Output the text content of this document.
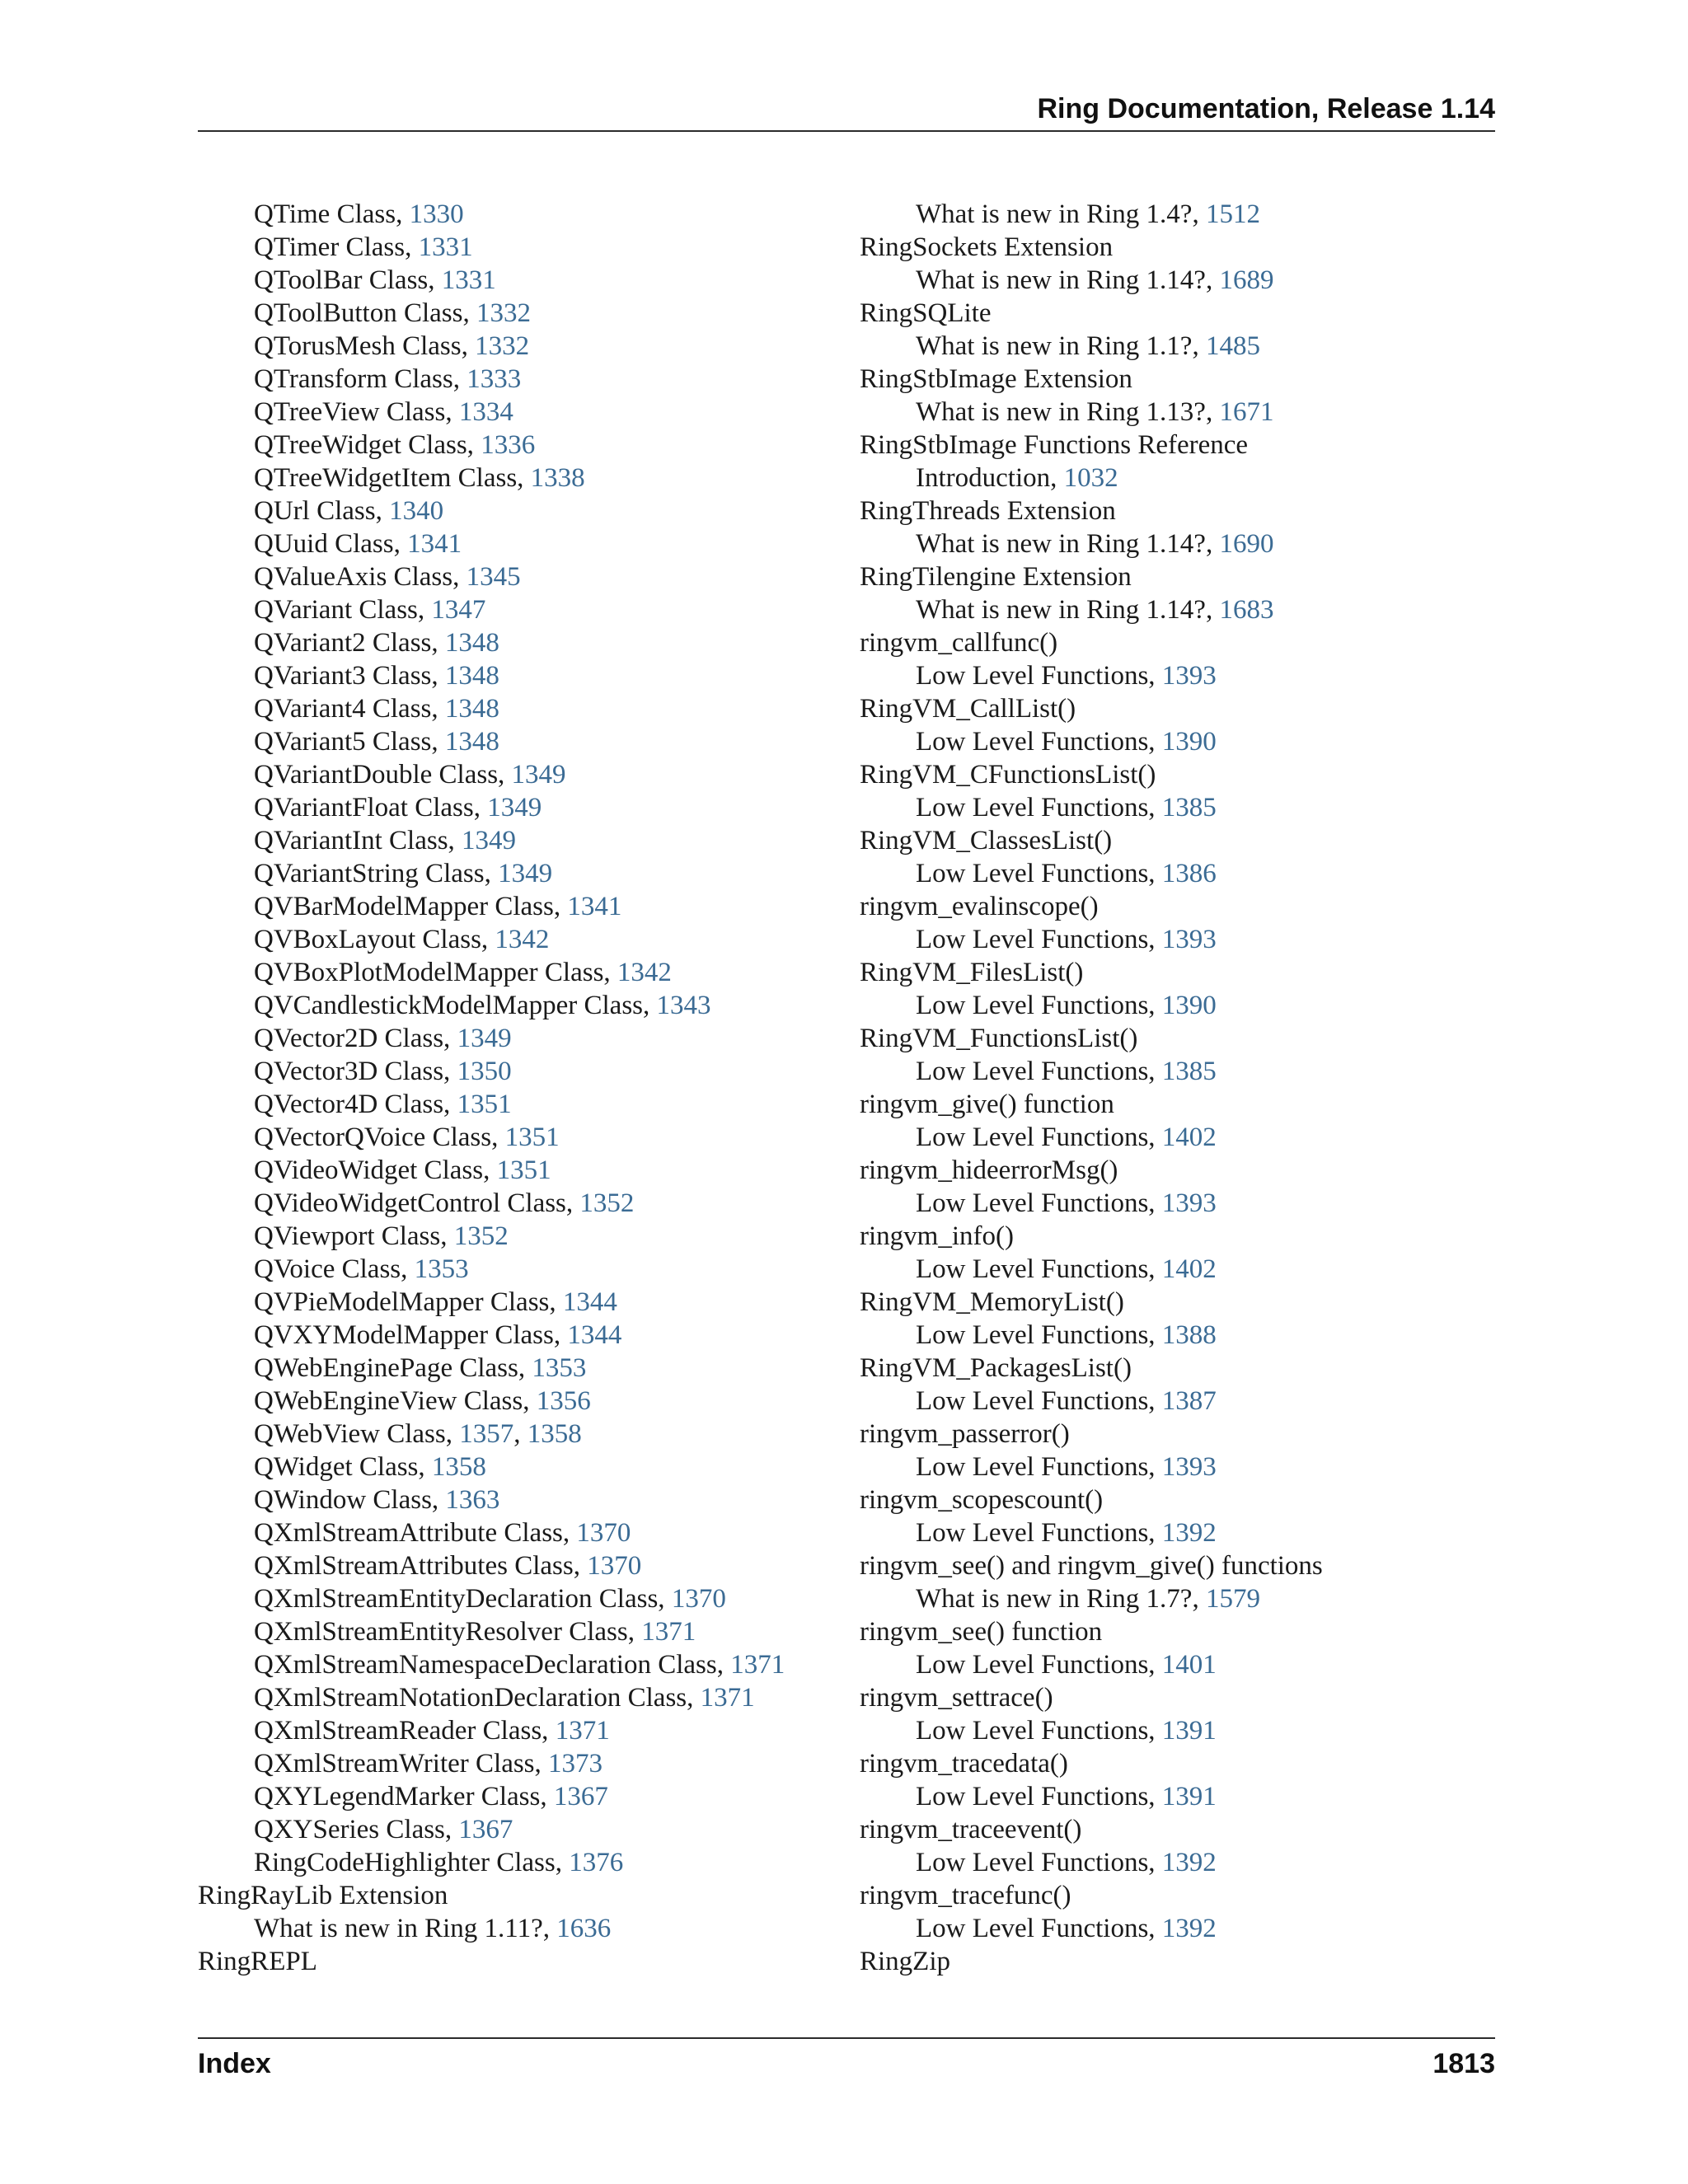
Ring Documentation, Release 1.14
QTime Class, 1330
QTimer Class, 1331
QToolBar Class, 1331
QToolButton Class, 1332
QTorusMesh Class, 1332
QTransform Class, 1333
QTreeView Class, 1334
QTreeWidget Class, 1336
QTreeWidgetItem Class, 1338
QUrl Class, 1340
QUuid Class, 1341
QValueAxis Class, 1345
QVariant Class, 1347
QVariant2 Class, 1348
QVariant3 Class, 1348
QVariant4 Class, 1348
QVariant5 Class, 1348
QVariantDouble Class, 1349
QVariantFloat Class, 1349
QVariantInt Class, 1349
QVariantString Class, 1349
QVBarModelMapper Class, 1341
QVBoxLayout Class, 1342
QVBoxPlotModelMapper Class, 1342
QVCandlestickModelMapper Class, 1343
QVector2D Class, 1349
QVector3D Class, 1350
QVector4D Class, 1351
QVectorQVoice Class, 1351
QVideoWidget Class, 1351
QVideoWidgetControl Class, 1352
QViewport Class, 1352
QVoice Class, 1353
QVPieModelMapper Class, 1344
QVXYModelMapper Class, 1344
QWebEnginePage Class, 1353
QWebEngineView Class, 1356
QWebView Class, 1357, 1358
QWidget Class, 1358
QWindow Class, 1363
QXmlStreamAttribute Class, 1370
QXmlStreamAttributes Class, 1370
QXmlStreamEntityDeclaration Class, 1370
QXmlStreamEntityResolver Class, 1371
QXmlStreamNamespaceDeclaration Class, 1371
QXmlStreamNotationDeclaration Class, 1371
QXmlStreamReader Class, 1371
QXmlStreamWriter Class, 1373
QXYLegendMarker Class, 1367
QXYSeries Class, 1367
RingCodeHighlighter Class, 1376
RingRayLib Extension
What is new in Ring 1.11?, 1636
RingREPL
What is new in Ring 1.4?, 1512
RingSockets Extension
What is new in Ring 1.14?, 1689
RingSQLite
What is new in Ring 1.1?, 1485
RingStbImage Extension
What is new in Ring 1.13?, 1671
RingStbImage Functions Reference
Introduction, 1032
RingThreads Extension
What is new in Ring 1.14?, 1690
RingTilengine Extension
What is new in Ring 1.14?, 1683
ringvm_callfunc()
Low Level Functions, 1393
RingVM_CallList()
Low Level Functions, 1390
RingVM_CFunctionsList()
Low Level Functions, 1385
RingVM_ClassesList()
Low Level Functions, 1386
ringvm_evalinscope()
Low Level Functions, 1393
RingVM_FilesList()
Low Level Functions, 1390
RingVM_FunctionsList()
Low Level Functions, 1385
ringvm_give() function
Low Level Functions, 1402
ringvm_hideerrorMsg()
Low Level Functions, 1393
ringvm_info()
Low Level Functions, 1402
RingVM_MemoryList()
Low Level Functions, 1388
RingVM_PackagesList()
Low Level Functions, 1387
ringvm_passerror()
Low Level Functions, 1393
ringvm_scopescount()
Low Level Functions, 1392
ringvm_see() and ringvm_give() functions
What is new in Ring 1.7?, 1579
ringvm_see() function
Low Level Functions, 1401
ringvm_settrace()
Low Level Functions, 1391
ringvm_tracedata()
Low Level Functions, 1391
ringvm_traceevent()
Low Level Functions, 1392
ringvm_tracefunc()
Low Level Functions, 1392
RingZip
Index	1813
